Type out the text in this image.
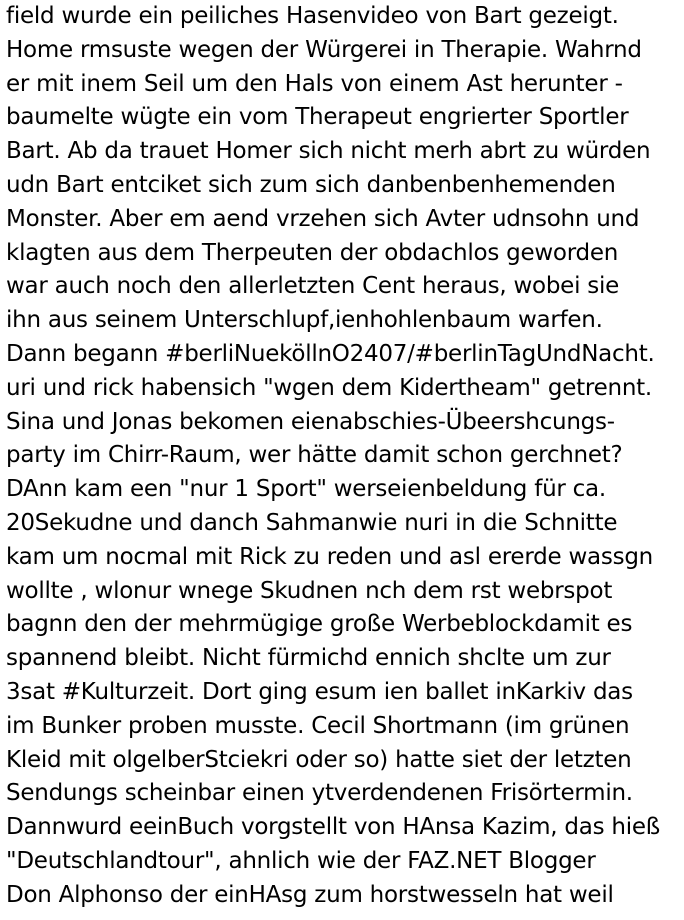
field wurde ein peiliches Hasenvideo von Bart gezeigt.
Home rmsuste wegen der Würgerei in Therapie. Wahrnd
er mit inem Seil um den Hals von einem Ast herunter -
baumelte wügte ein vom Therapeut engrierter Sportler
Bart. Ab da trauet Homer sich nicht merh abrt zu würden
udn Bart entciket sich zum sich danbenbenhemenden
Monster. Aber em aend vrzehen sich Avter udnsohn und
klagten aus dem Therpeuten der obdachlos geworden
war auch noch den allerletzten Cent heraus, wobei sie
ihn aus seinem Unterschlupf,ienhohlenbaum warfen.
Dann begann #berliNueköllnO2407/#berlinTagUndNacht.
uri und rick habensich "wgen dem Kidertheam" getrennt.
Sina und Jonas bekomen eienabschies-Übeershcungs-
party im Chirr-Raum, wer hätte damit schon gerchnet?
DAnn kam een "nur 1 Sport" werseienbeldung für ca.
20Sekudne und danch Sahmanwie nuri in die Schnitte
kam um nocmal mit Rick zu reden und asl ererde wassgn
wollte , wlonur wnege Skudnen nch dem rst webrspot
bagnn den der mehrmügige große Werbeblockdamit es
spannend bleibt. Nicht fürmichd ennich shclte um zur
3sat #Kulturzeit. Dort ging esum ien ballet inKarkiv das
im Bunker proben musste. Cecil Shortmann (im grünen
Kleid mit olgelberStciekri oder so) hatte siet der letzten
Sendungs scheinbar einen ytverdendenen Frisörtermin.
Dannwurd eeinBuch vorgstellt von HAnsa Kazim, das hieß
"Deutschlandtour", ahnlich wie der FAZ.NET Blogger
Don Alphonso der einHAsg zum horstwesseln hat weil
